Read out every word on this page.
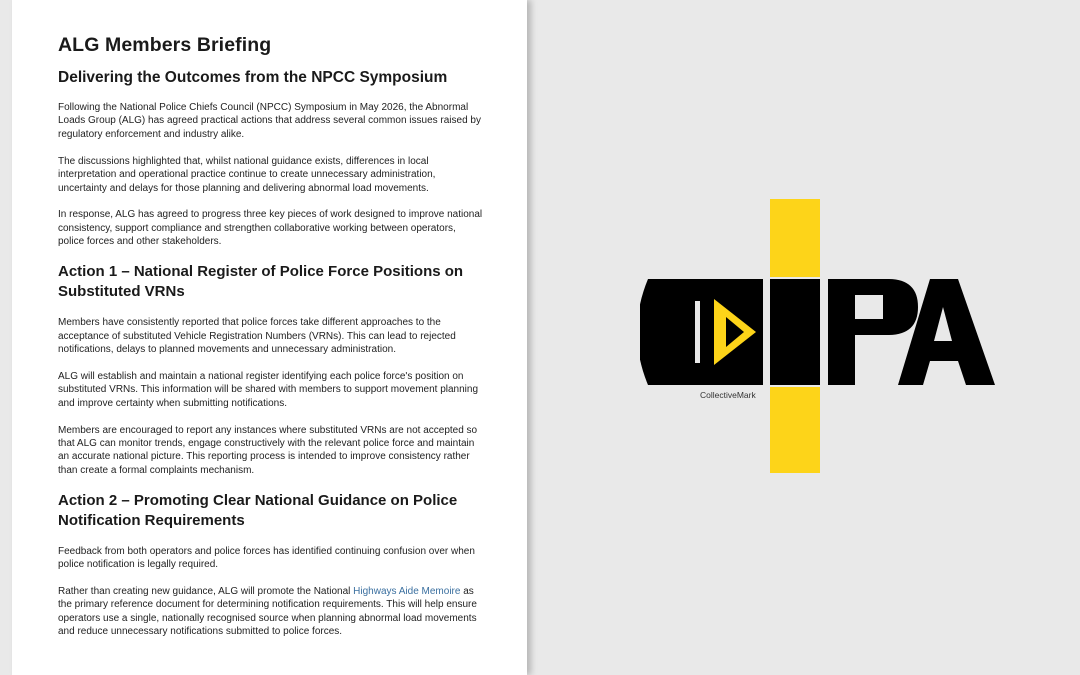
ALG Members Briefing
Delivering the Outcomes from the NPCC Symposium

Following the National Police Chiefs Council (NPCC) Symposium in May 2026, the Abnormal Loads Group (ALG) has agreed practical actions that address several common issues raised by regulatory enforcement and industry alike.

The discussions highlighted that, whilst national guidance exists, differences in local interpretation and operational practice continue to create unnecessary administration, uncertainty and delays for those planning and delivering abnormal load movements.

In response, ALG has agreed to progress three key pieces of work designed to improve national consistency, support compliance and strengthen collaborative working between operators, police forces and other stakeholders.

Action 1 – National Register of Police Force Positions on Substituted VRNs

Members have consistently reported that police forces take different approaches to the acceptance of substituted Vehicle Registration Numbers (VRNs). This can lead to rejected notifications, delays to planned movements and unnecessary administration.

ALG will establish and maintain a national register identifying each police force's position on substituted VRNs. This information will be shared with members to support movement planning and improve certainty when submitting notifications.

Members are encouraged to report any instances where substituted VRNs are not accepted so that ALG can monitor trends, engage constructively with the relevant police force and maintain an accurate national picture. This reporting process is intended to improve consistency rather than create a formal complaints mechanism.

Action 2 – Promoting Clear National Guidance on Police Notification Requirements

Feedback from both operators and police forces has identified continuing confusion over when police notification is legally required.

Rather than creating new guidance, ALG will promote the National Highways Aide Memoire as the primary reference document for determining notification requirements. This will help ensure operators use a single, nationally recognised source when planning abnormal load movements and reduce unnecessary notifications submitted to police forces.

CollectiveMark
